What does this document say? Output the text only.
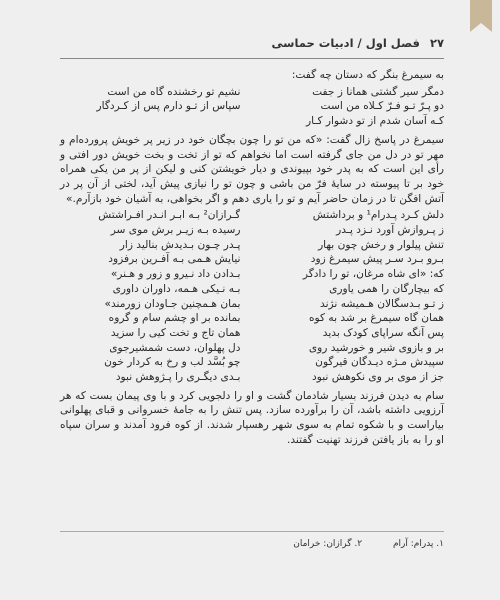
۲۷ فصل اول / ادبیات حماسی
به سیمرغ بنگر که دستان چه گفت:
دمگر سیر گشتی همانا ز جفت
نشیم تو رخشنده گاه من است
دو پـرّ تـو فـرّ کـلاه من است
سپاس از تـو دارم پس از کـردگار
کـه آسان شدم از تو دشوار کـار
سیمرغ در پاسخ زال گفت: «که من تو را چون بچگان خود در زیر پر خویش پرورده‌ام و مهر تو در دل من جای گرفته است اما نخواهم که تو از تخت و بخت خویش دور افتی و رأی این است که به پدر خود بپیوندی و دیار خویشتن کنی و لیکن از پر من یکی همراه خود بر تا پیوسته در سایهٔ فرّ من باشی و چون تو را نیازی پیش آید، لختی از آن پر در آتش افگن تا در زمان حاضر آیم و تو را یاری دهم و اگر بخواهی، به آشیان خود بازآرم.»
دلش کـرد پـدرام¹ و برداشتش
گـرازان² بـه ابـر انـدر افـراشتش
ز پـروازش آورد نـزد پـدر
رسیده بـه زیـر برش موی سر
تنش پیلوار و رخش چون بهار
پـدر چـون بـدیدش بنالید زار
بـرو بـرد سـر پیش سیمرغ زود
نیایش هـمی بـه آفـرین برفزود
که: «ای شاه مرغان، تو را دادگر
بـدادن داد نـیرو و زور و هـنر»
که بیچارگان را همی یاوری
بـه نـیکی هـمه، داوران داوری
ز تـو بـدسگالان هـمیشه نژند
بمان هـمچنین جـاودان زورمند»
همان گاه سیمرغ بر شد به کوه
بمانده بر او چشم سام و گروه
پس آنگه سراپای کودک بدید
همان تاج و تخت کیی را سزید
بر و بازوی شیر و خورشید روی
دل پهلوان، دست شمشیرجوی
سپیدش مـژه دیـدگان قیرگون
چو بُسَّد لب و رخ به کردار خون
جز از موی بر وی نکوهش نبود
بـدی دیگـری را پـژوهش نبود
سام به دیدن فرزند بسیار شادمان گشت و او را دلجویی کرد و با وی پیمان بست که هر آرزویی داشته باشد، آن را برآورده سازد. پس تنش را به جامهٔ خسروانی و قبای پهلوانی بیاراست و با شکوه تمام به سوی شهر رهسپار شدند. از کوه فرود آمدند و سران سپاه او را به باز یافتن فرزند تهنیت گفتند.
۱. پدرام: آرام ۲. گرازان: خرامان
